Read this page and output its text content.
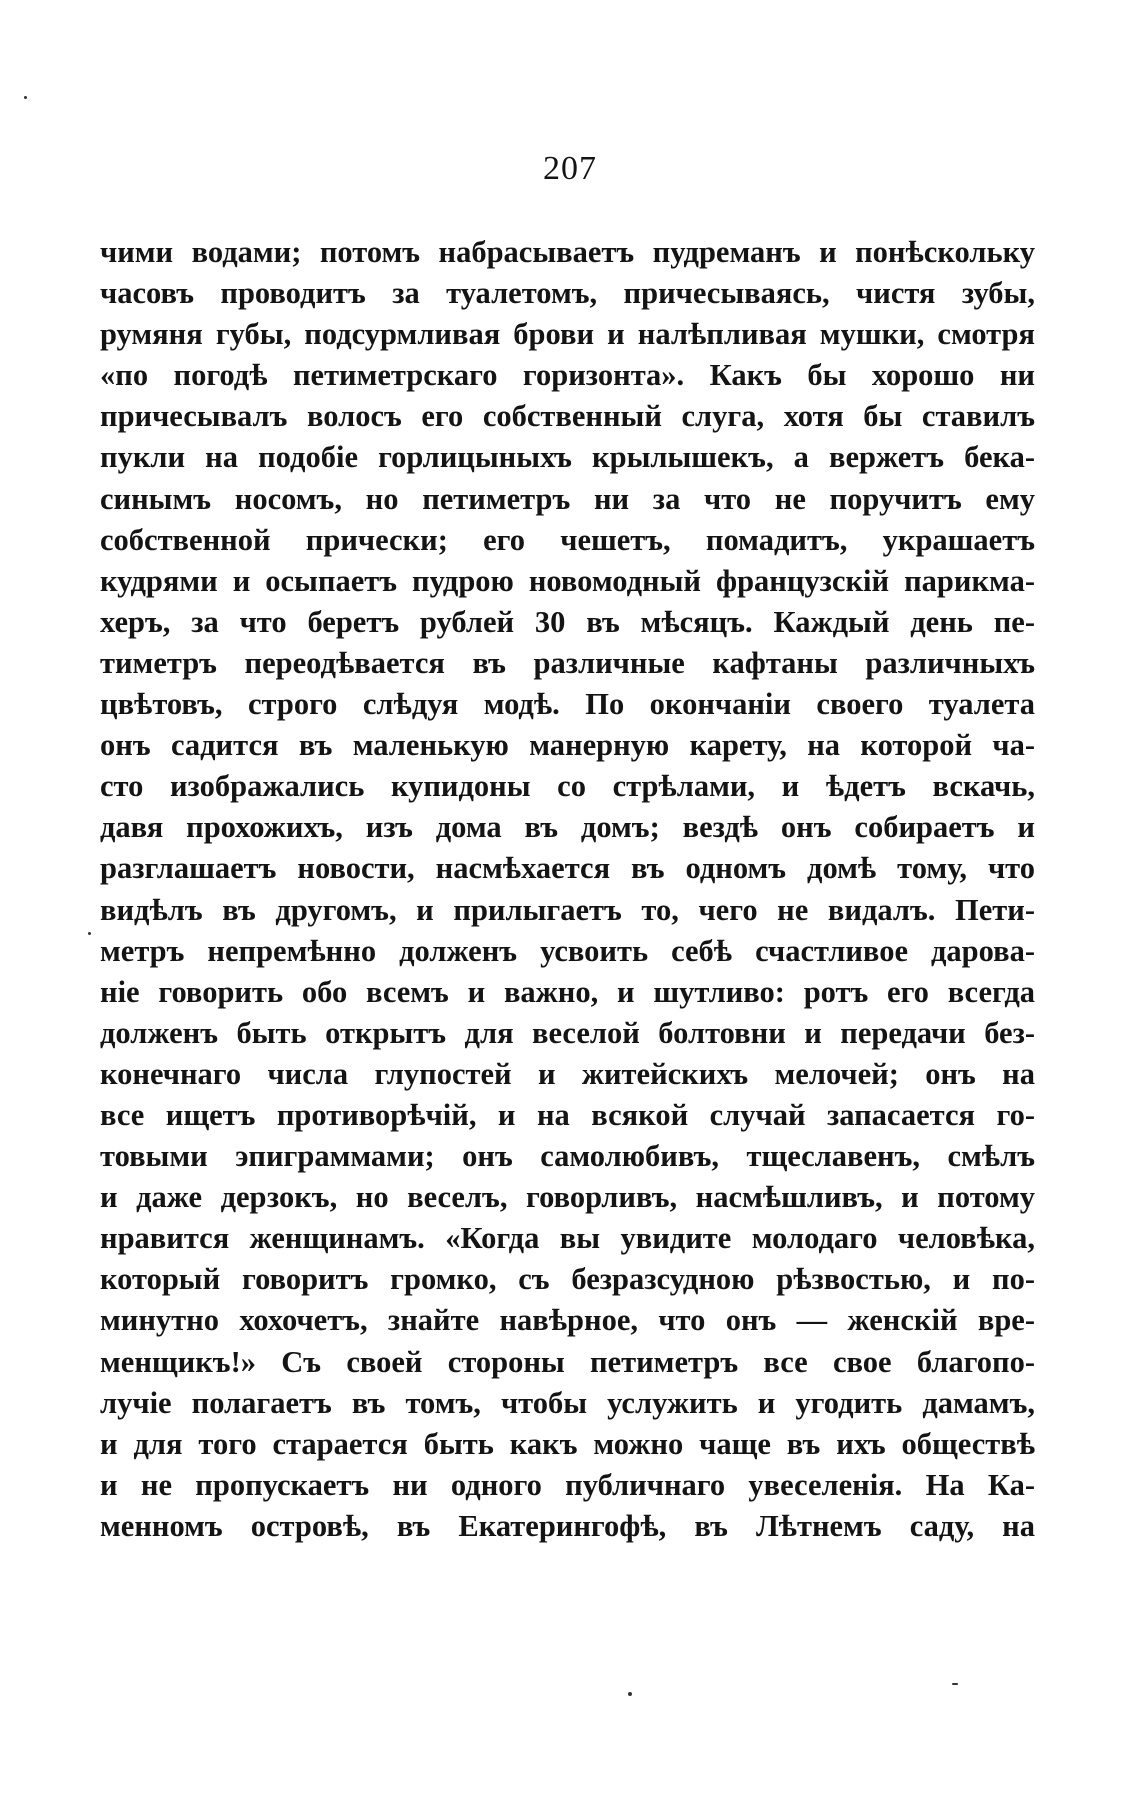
207
чими водами; потомъ набрасываетъ пудреманъ и понѣскольку
часовъ проводитъ за туалетомъ, причесываясь, чистя зубы,
румяня губы, подсурмливая брови и налѣпливая мушки, смотря
«по погодѣ петиметрскаго горизонта». Какъ бы хорошо ни
причесывалъ волосъ его собственный слуга, хотя бы ставилъ
пукли на подобіе горлицыныхъ крылышекъ, а вержетъ бека-
синымъ носомъ, но петиметръ ни за что не поручитъ ему
собственной прически; его чешетъ, помадитъ, украшаетъ
кудрями и осыпаетъ пудрою новомодный французскій парикма-
херъ, за что беретъ рублей 30 въ мѣсяцъ. Каждый день пе-
тиметръ переодѣвается въ различные кафтаны различныхъ
цвѣтовъ, строго слѣдуя модѣ. По окончаніи своего туалета
онъ садится въ маленькую манерную карету, на которой ча-
сто изображались купидоны со стрѣлами, и ѣдетъ вскачь,
давя прохожихъ, изъ дома въ домъ; вездѣ онъ собираетъ и
разглашаетъ новости, насмѣхается въ одномъ домѣ тому, что
видѣлъ въ другомъ, и прилыгаетъ то, чего не видалъ. Пети-
метръ непремѣнно долженъ усвоить себѣ счастливое дарова-
ніе говорить обо всемъ и важно, и шутливо: ротъ его всегда
долженъ быть открытъ для веселой болтовни и передачи без-
конечнаго числа глупостей и житейскихъ мелочей; онъ на
все ищетъ противорѣчій, и на всякой случай запасается го-
товыми эпиграммами; онъ самолюбивъ, тщеславенъ, смѣлъ
и даже дерзокъ, но веселъ, говорливъ, насмѣшливъ, и потому
нравится женщинамъ. «Когда вы увидите молодаго человѣка,
который говоритъ громко, съ безразсудною рѣзвостью, и по-
минутно хохочетъ, знайте навѣрное, что онъ — женскій вре-
менщикъ!» Съ своей стороны петиметръ все свое благопо-
лучіе полагаетъ въ томъ, чтобы услужить и угодить дамамъ,
и для того старается быть какъ можно чаще въ ихъ обществѣ
и не пропускаетъ ни одного публичнаго увеселенія. На Ка-
менномъ островѣ, въ Екатерингофѣ, въ Лѣтнемъ саду, на
